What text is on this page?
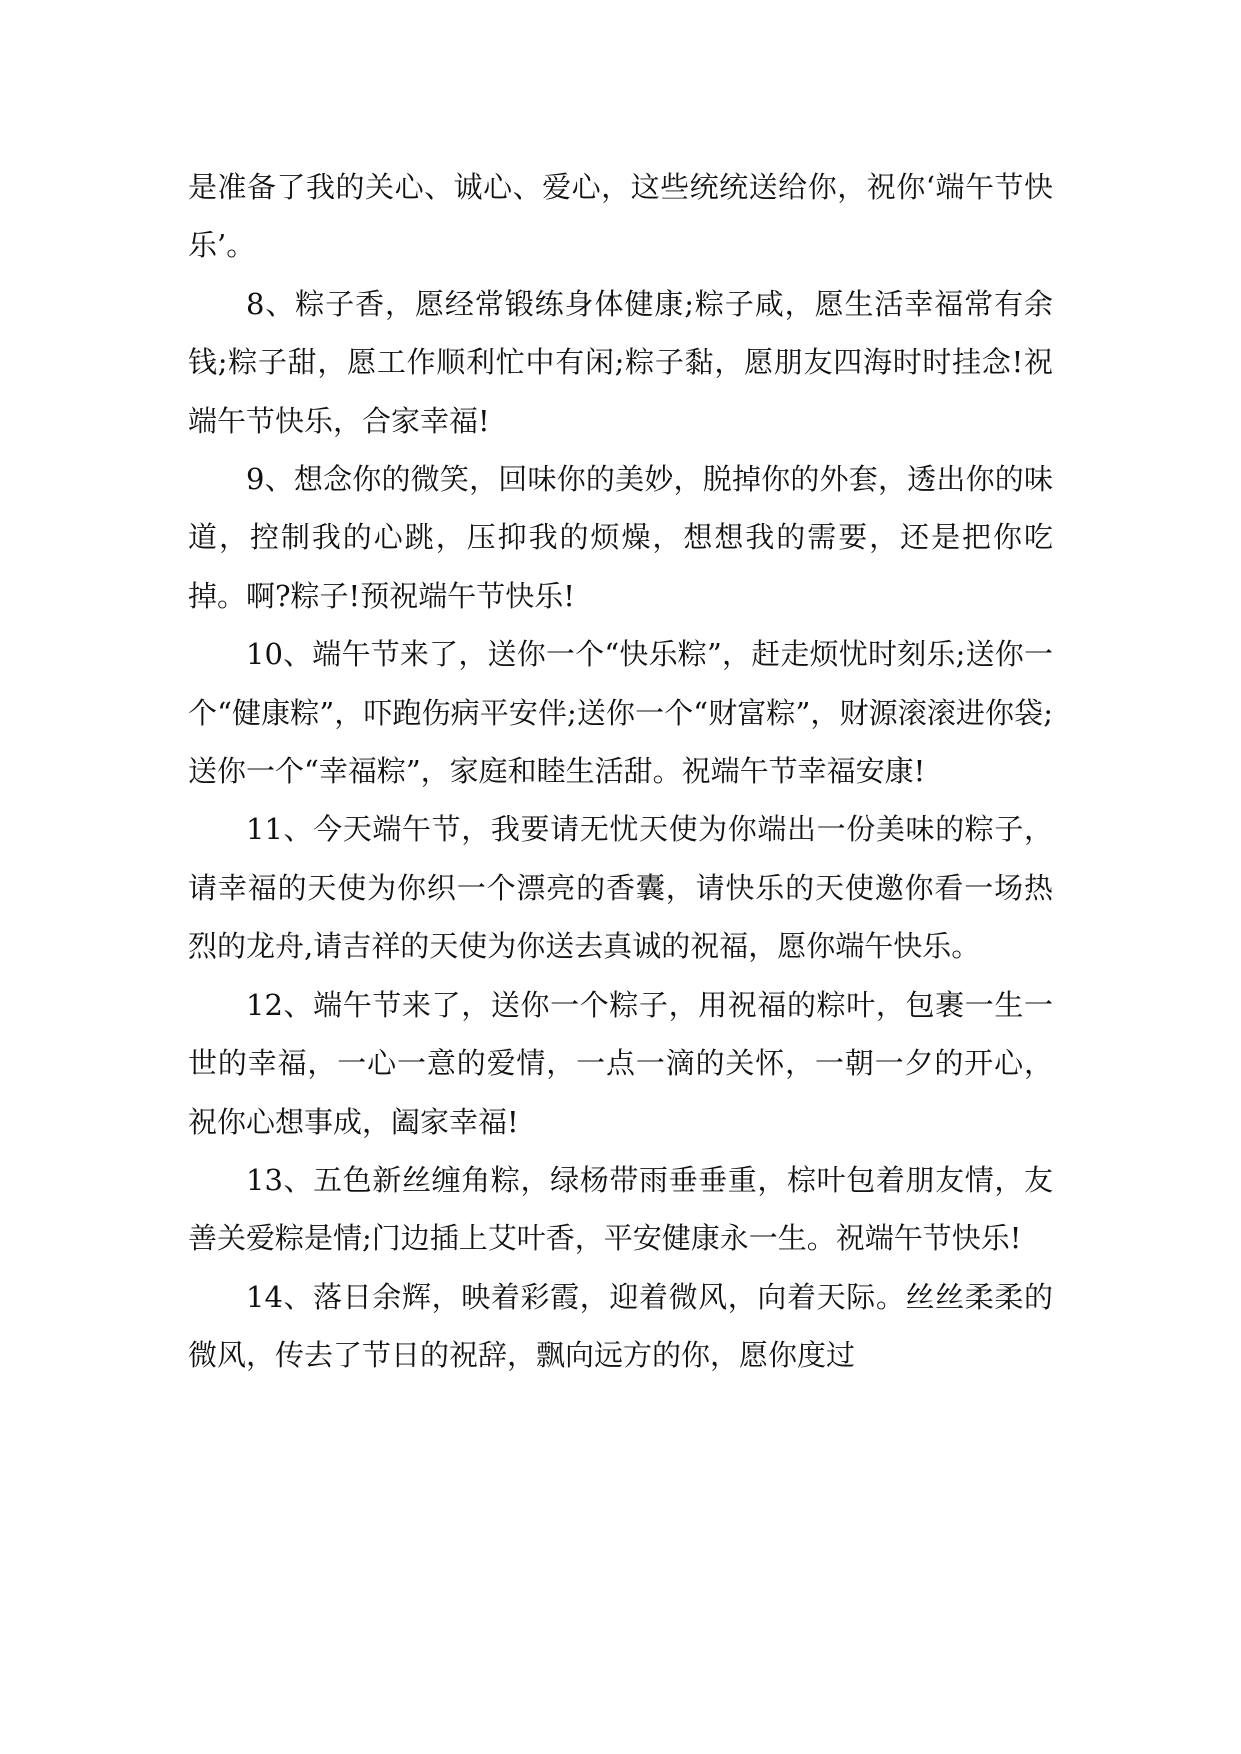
是准备了我的关心、诚心、爱心，这些统统送给你，祝你‘端午节快乐’。

8、粽子香，愿经常锻练身体健康;粽子咸，愿生活幸福常有余钱;粽子甜，愿工作顺利忙中有闲;粽子黏，愿朋友四海时时挂念!祝端午节快乐，合家幸福!

9、想念你的微笑，回味你的美妙，脱掉你的外套，透出你的味道，控制我的心跳，压抑我的烦燥，想想我的需要，还是把你吃掉。啊?粽子!预祝端午节快乐!

10、端午节来了，送你一个“快乐粽”，赶走烦忧时刻乐;送你一个“健康粽”，吓跑伤病平安伴;送你一个“财富粽”，财源滚滚进你袋;送你一个“幸福粽”，家庭和睦生活甜。祝端午节幸福安康!

11、今天端午节，我要请无忧天使为你端出一份美味的粽子，请幸福的天使为你织一个漂亮的香囊，请快乐的天使邀你看一场热烈的龙舟,请吉祥的天使为你送去真诚的祝福，愿你端午快乐。

12、端午节来了，送你一个粽子，用祝福的粽叶，包裹一生一世的幸福，一心一意的爱情，一点一滴的关怀，一朝一夕的开心，祝你心想事成，阖家幸福!

13、五色新丝缠角粽，绿杨带雨垂垂重，棕叶包着朋友情，友善关爱粽是情;门边插上艾叶香，平安健康永一生。祝端午节快乐!

14、落日余辉，映着彩霞，迎着微风，向着天际。丝丝柔柔的微风，传去了节日的祝辞，飘向远方的你，愿你度过
